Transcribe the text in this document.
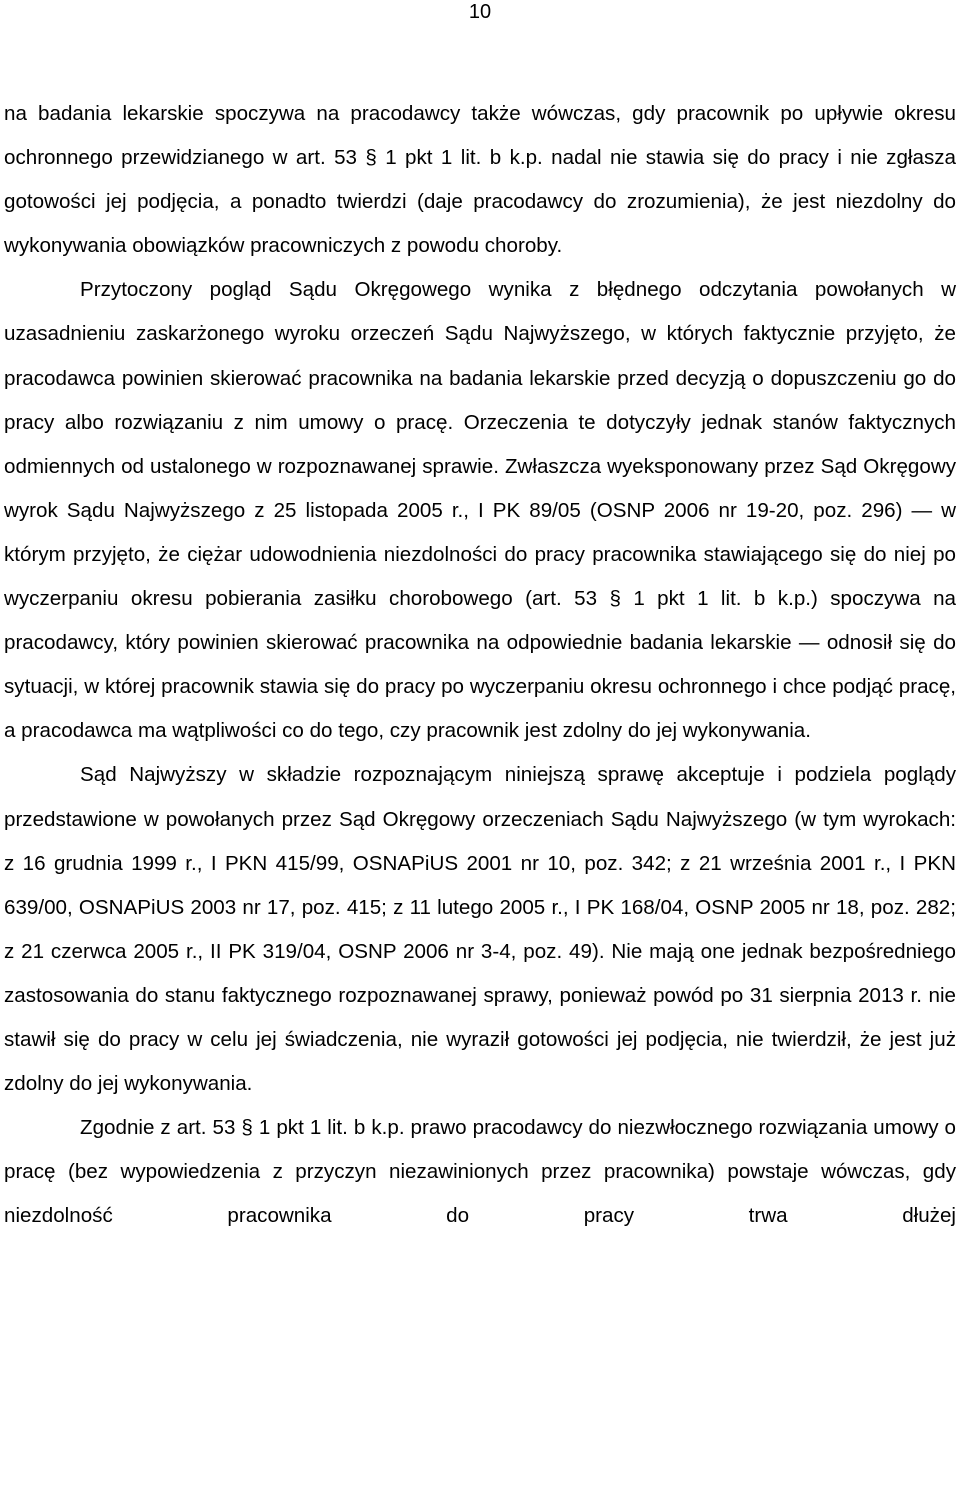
10

na badania lekarskie spoczywa na pracodawcy także wówczas, gdy pracownik po upływie okresu ochronnego przewidzianego w art. 53 § 1 pkt 1 lit. b k.p. nadal nie stawia się do pracy i nie zgłasza gotowości jej podjęcia, a ponadto twierdzi (daje pracodawcy do zrozumienia), że jest niezdolny do wykonywania obowiązków pracowniczych z powodu choroby.

Przytoczony pogląd Sądu Okręgowego wynika z błędnego odczytania powołanych w uzasadnieniu zaskarżonego wyroku orzeczeń Sądu Najwyższego, w których faktycznie przyjęto, że pracodawca powinien skierować pracownika na badania lekarskie przed decyzją o dopuszczeniu go do pracy albo rozwiązaniu z nim umowy o pracę. Orzeczenia te dotyczyły jednak stanów faktycznych odmiennych od ustalonego w rozpoznawanej sprawie. Zwłaszcza wyeksponowany przez Sąd Okręgowy wyrok Sądu Najwyższego z 25 listopada 2005 r., I PK 89/05 (OSNP 2006 nr 19-20, poz. 296) — w którym przyjęto, że ciężar udowodnienia niezdolności do pracy pracownika stawiającego się do niej po wyczerpaniu okresu pobierania zasiłku chorobowego (art. 53 § 1 pkt 1 lit. b k.p.) spoczywa na pracodawcy, który powinien skierować pracownika na odpowiednie badania lekarskie — odnosił się do sytuacji, w której pracownik stawia się do pracy po wyczerpaniu okresu ochronnego i chce podjąć pracę, a pracodawca ma wątpliwości co do tego, czy pracownik jest zdolny do jej wykonywania.

Sąd Najwyższy w składzie rozpoznającym niniejszą sprawę akceptuje i podziela poglądy przedstawione w powołanych przez Sąd Okręgowy orzeczeniach Sądu Najwyższego (w tym wyrokach: z 16 grudnia 1999 r., I PKN 415/99, OSNAPiUS 2001 nr 10, poz. 342; z 21 września 2001 r., I PKN 639/00, OSNAPiUS 2003 nr 17, poz. 415; z 11 lutego 2005 r., I PK 168/04, OSNP 2005 nr 18, poz. 282; z 21 czerwca 2005 r., II PK 319/04, OSNP 2006 nr 3-4, poz. 49). Nie mają one jednak bezpośredniego zastosowania do stanu faktycznego rozpoznawanej sprawy, ponieważ powód po 31 sierpnia 2013 r. nie stawił się do pracy w celu jej świadczenia, nie wyraził gotowości jej podjęcia, nie twierdził, że jest już zdolny do jej wykonywania.

Zgodnie z art. 53 § 1 pkt 1 lit. b k.p. prawo pracodawcy do niezwłocznego rozwiązania umowy o pracę (bez wypowiedzenia z przyczyn niezawinionych przez pracownika) powstaje wówczas, gdy niezdolność pracownika do pracy trwa dłużej
